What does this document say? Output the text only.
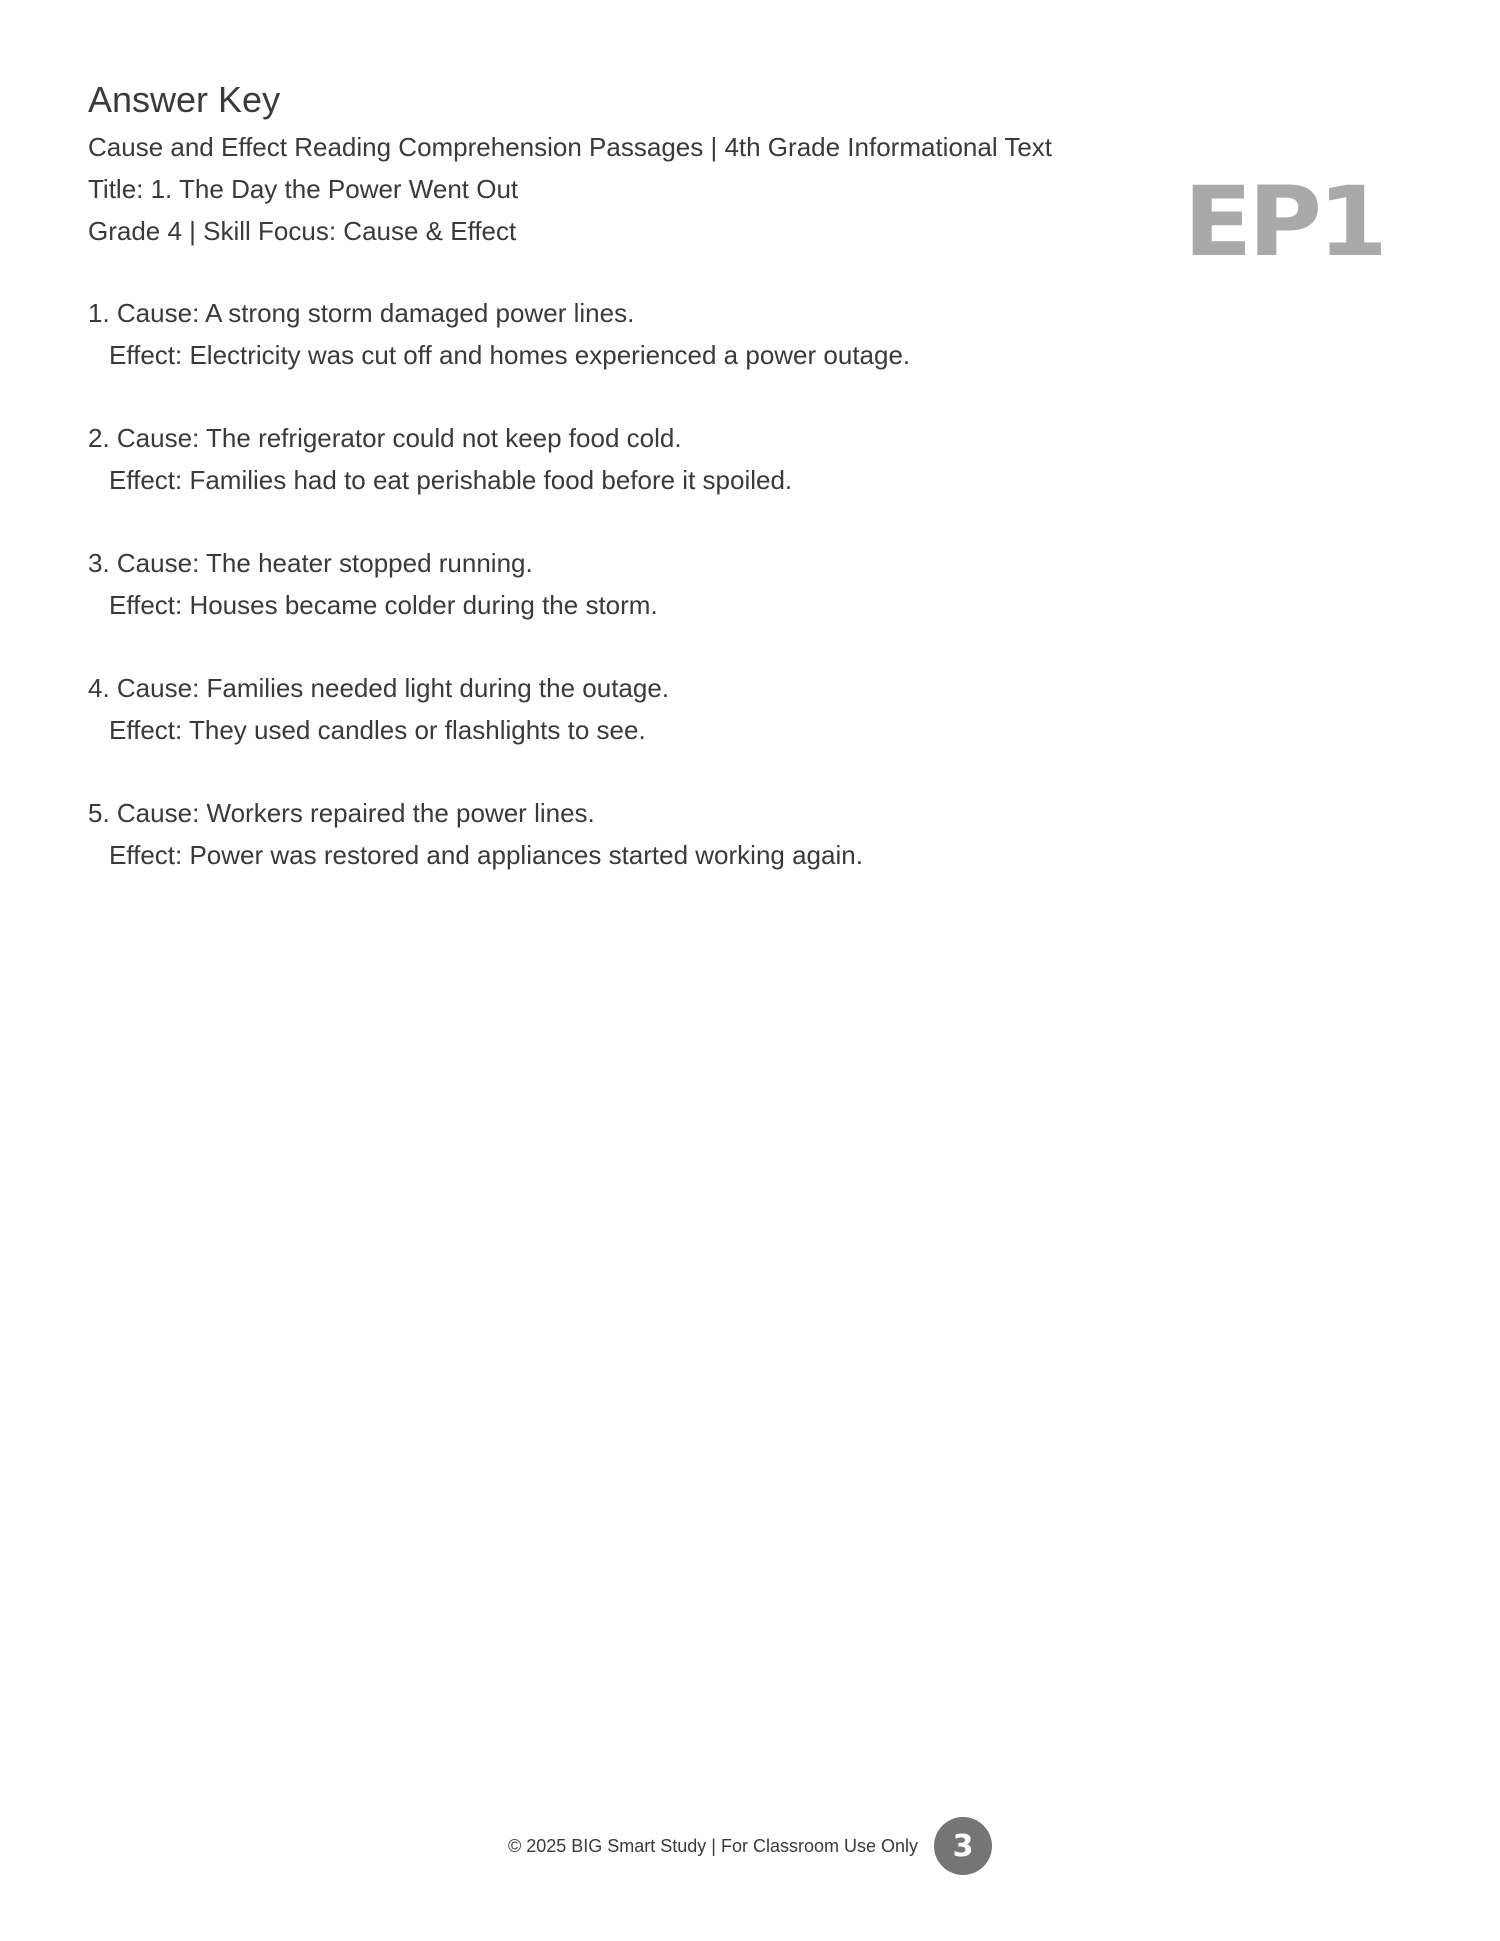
Answer Key

Cause and Effect Reading Comprehension Passages | 4th Grade Informational Text

Title: 1. The Day the Power Went Out

Grade 4 | Skill Focus: Cause & Effect	EP1
1. Cause: A strong storm damaged power lines.
Effect: Electricity was cut off and homes experienced a power outage.
2. Cause: The refrigerator could not keep food cold.
Effect: Families had to eat perishable food before it spoiled.
3. Cause: The heater stopped running.
Effect: Houses became colder during the storm.
4. Cause: Families needed light during the outage.
Effect: They used candles or flashlights to see.
5. Cause: Workers repaired the power lines.
Effect: Power was restored and appliances started working again.
© 2025 BIG Smart Study | For Classroom Use Only	3
